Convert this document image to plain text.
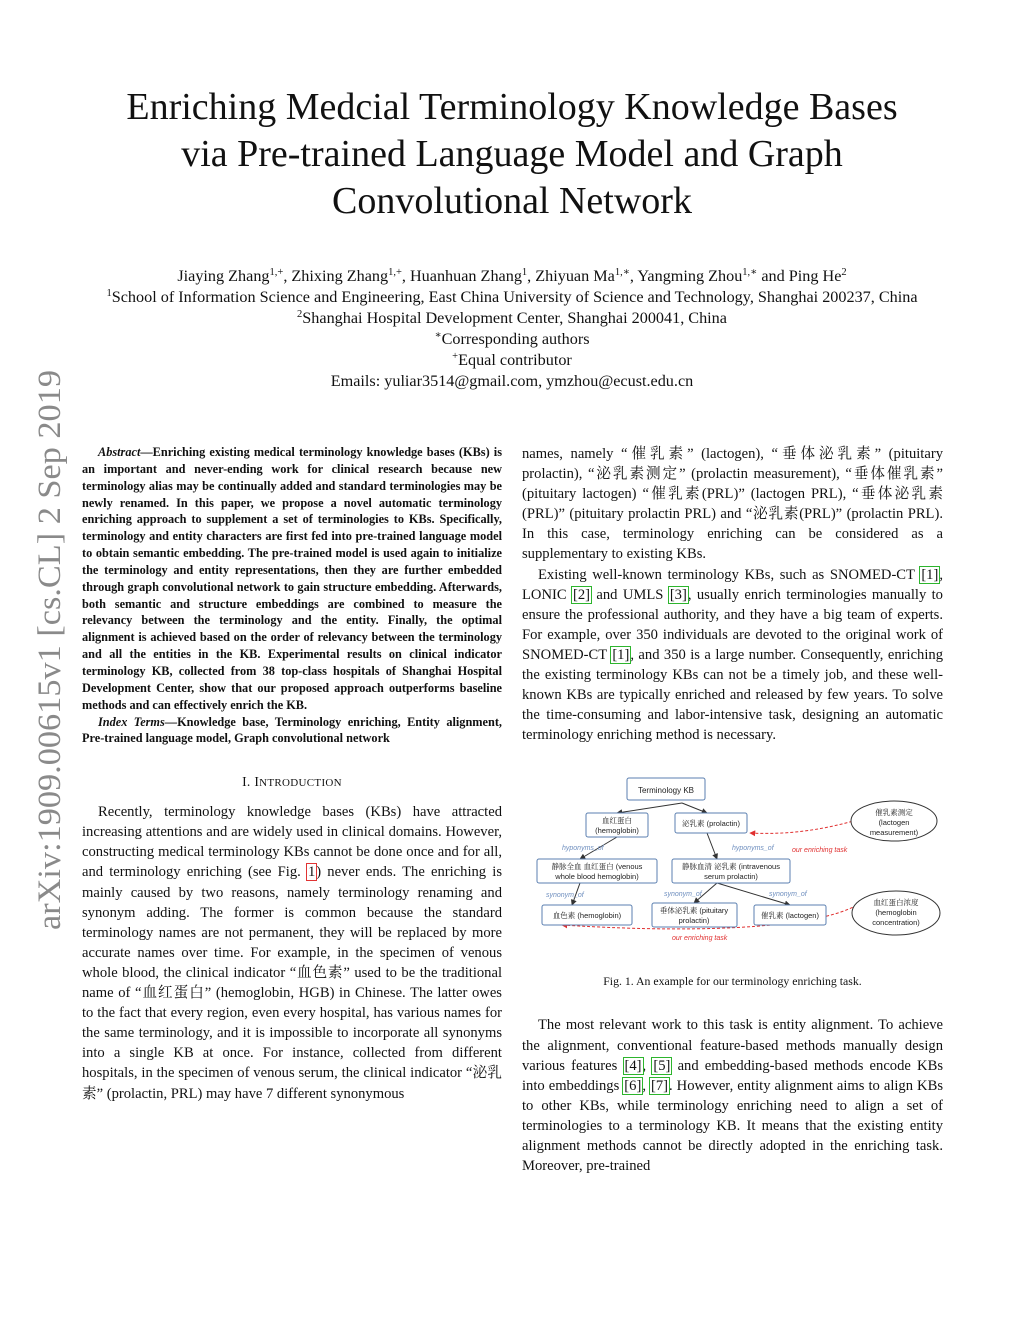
arXiv:1909.00615v1 [cs.CL] 2 Sep 2019
Enriching Medcial Terminology Knowledge Bases
via Pre-trained Language Model and Graph
Convolutional Network
Jiaying Zhang$^{1,+}$, Zhixing Zhang$^{1,+}$, Huanhuan Zhang$^1$, Zhiyuan $Ma^{1,∗}$, Yangming Zhou$^{1,∗}$ and Ping He$^2$
$^1$School of Information Science and Engineering, East China University of Science and Technology, Shanghai 200237, China
$^2$Shanghai Hospital Development Center, Shanghai 200041, China
∗Corresponding authors
+Equal contributor
Emails: yuliar3514@gmail.com, ymzhou@ecust.edu.cn

Abstract—Enriching existing medical terminology knowledge bases (KBs) is an important and never-ending work for clinical research because new terminology alias may be continually added and standard terminologies may be newly renamed. In this paper, we propose a novel automatic terminology enriching approach to supplement a set of terminologies to KBs. Specifically, terminology and entity characters are first fed into pre-trained language model to obtain semantic embedding. The pre-trained model is used again to initialize the terminology and entity representations, then they are further embedded through graph convolutional network to gain structure embedding. Afterwards, both semantic and structure embeddings are combined to measure the relevancy between the terminology and the entity. Finally, the optimal alignment is achieved based on the order of relevancy between the terminology and all the entities in the KB. Experimental results on clinical indicator terminology KB, collected from 38 top-class hospitals of Shanghai Hospital Development Center, show that our proposed approach outperforms baseline methods and can effectively enrich the KB.

Index Terms—Knowledge base, Terminology enriching, Entity alignment, Pre-trained language model, Graph convolutional network

I. INTRODUCTION

Recently, terminology knowledge bases (KBs) have attracted increasing attentions and are widely used in clinical domains. However, constructing medical terminology KBs cannot be done once and for all, and terminology enriching (see Fig. 1) never ends. The enriching is mainly caused by two reasons, namely terminology renaming and synonym adding. The former is common because the standard terminology names are not permanent, they will be replaced by more accurate names over time. For example, in the specimen of venous whole blood, the clinical indicator “血色素” used to be the traditional name of “血红蛋白” (hemoglobin, HGB) in Chinese. The latter owes to the fact that every region, even every hospital, has various names for the same terminology, and it is impossible to incorporate all synonyms into a single KB at once. For instance, collected from different hospitals, in the specimen of venous serum, the clinical indicator “泌乳素” (prolactin, PRL) may have 7 different synonymous

names, namely “催乳素” (lactogen), “垂体泌乳素” (pituitary prolactin), “泌乳素测定” (prolactin measurement), “垂体催乳素” (pituitary lactogen) “催乳素(PRL)” (lactogen PRL), “垂体泌乳素(PRL)” (pituitary prolactin PRL) and “泌乳素(PRL)” (prolactin PRL). In this case, terminology enriching can be considered as a supplementary to existing KBs.

Existing well-known terminology KBs, such as SNOMED-CT [1], LONIC [2] and UMLS [3], usually enrich terminologies manually to ensure the professional authority, and they have a big team of experts. For example, over 350 individuals are devoted to the original work of SNOMED-CT [1], and 350 is a large number. Consequently, enriching the existing terminology KBs can not be a timely job, and these well-known KBs are typically enriched and released by few years. To solve the time-consuming and labor-intensive task, designing an automatic terminology enriching method is necessary.

Terminology KB
血红蛋白
(hemoglobin)
泌乳素 (prolactin)
静脉全血 血红蛋白 (venous
whole blood hemoglobin)
静脉血清 泌乳素 (intravenous
serum prolactin)
血色素 (hemoglobin)
垂体泌乳素 (pituitary
prolactin)
催乳素 (lactogen)
催乳素测定
(lactogen
measurement)
血红蛋白浓度
(hemoglobin
concentration)
hyponyms_of	hyponyms_of
synonym_of	synonym_of	synonym_of
our enriching task
our enriching task
Fig. 1. An example for our terminology enriching task.

The most relevant work to this task is entity alignment. To achieve the alignment, conventional feature-based methods manually design various features [4], [5] and embedding-based methods encode KBs into embeddings [6], [7]. However, entity alignment aims to align KBs to other KBs, while terminology enriching need to align a set of terminologies to a terminology KB. It means that the existing entity alignment methods cannot be directly adopted in the enriching task. Moreover, pre-trained
